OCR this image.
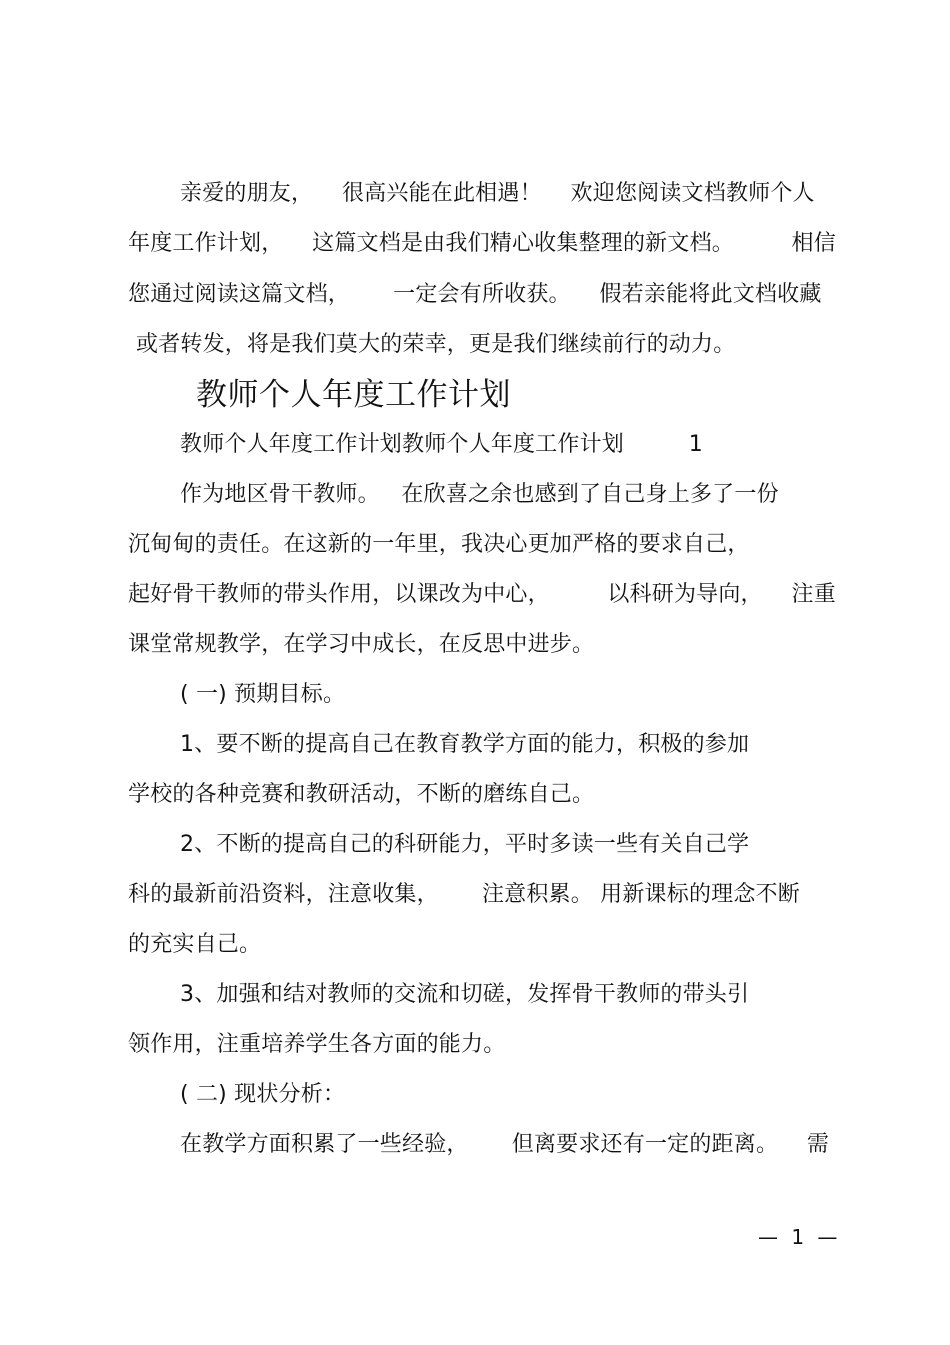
亲爱的朋友，    很高兴能在此相遇！    欢迎您阅读文档教师个人
年度工作计划，    这篇文档是由我们精心收集整理的新文档。        相信
您通过阅读这篇文档，      一定会有所收获。    假若亲能将此文档收藏
或者转发，将是我们莫大的荣幸，更是我们继续前行的动力。
教师个人年度工作计划
教师个人年度工作计划教师个人年度工作计划         1
作为地区骨干教师。   在欣喜之余也感到了自己身上多了一份
沉甸甸的责任。在这新的一年里，我决心更加严格的要求自己，
起好骨干教师的带头作用，以课改为中心，        以科研为导向，    注重
课堂常规教学，在学习中成长，在反思中进步。
( 一) 预期目标。
1、要不断的提高自己在教育教学方面的能力，积极的参加
学校的各种竞赛和教研活动，不断的磨练自己。
2、不断的提高自己的科研能力，平时多读一些有关自己学
科的最新前沿资料，注意收集，      注意积累。 用新课标的理念不断
的充实自己。
3、加强和结对教师的交流和切磋，发挥骨干教师的带头引
领作用，注重培养学生各方面的能力。
( 二) 现状分析：
在教学方面积累了一些经验，      但离要求还有一定的距离。    需
—  1  —
